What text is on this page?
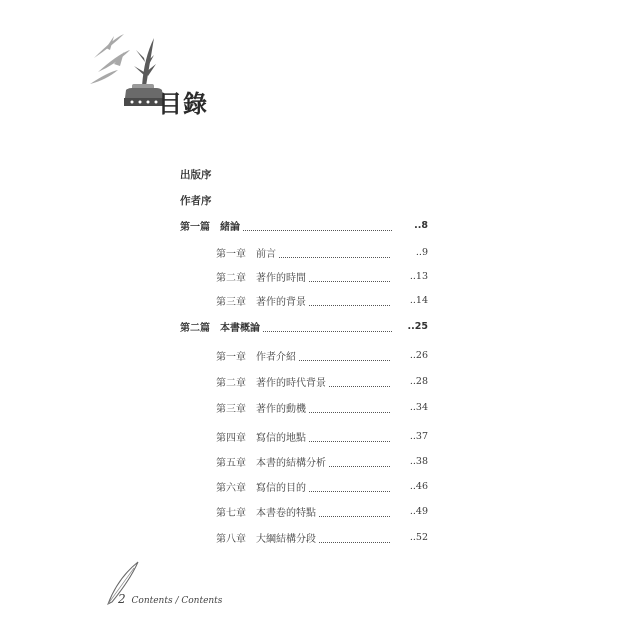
目錄
出版序
作者序
第一篇 緒論	..8
第一章 前言	..9
第二章 著作的時間	..13
第三章 著作的背景	..14
第二篇 本書概論	..25
第一章 作者介紹	..26
第二章 著作的時代背景	..28
第三章 著作的動機	..34
第四章 寫信的地點	..37
第五章 本書的結構分析	..38
第六章 寫信的目的	..46
第七章 本書卷的特點	..49
第八章 大綱結構分段	..52
2 Contents / Contents
